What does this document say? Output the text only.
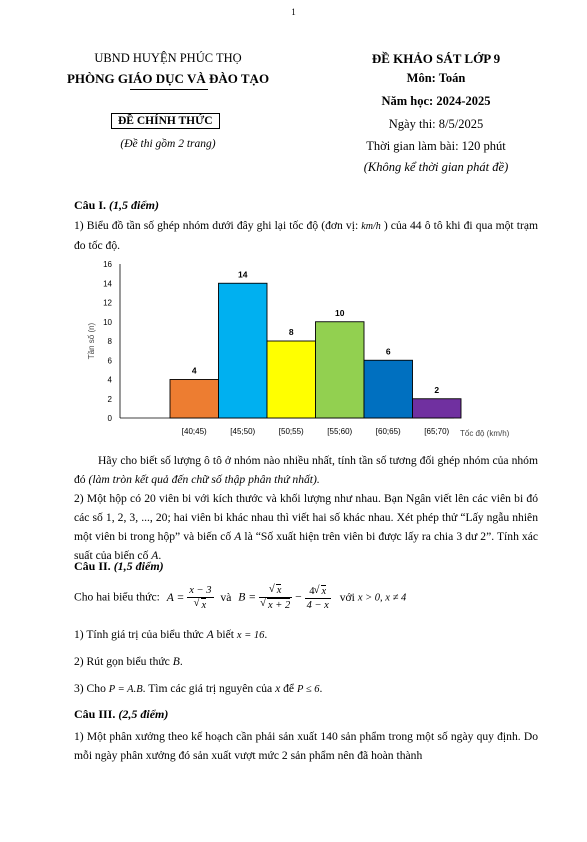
1
UBND HUYỆN PHÚC THỌ
PHÒNG GIÁO DỤC VÀ ĐÀO TẠO
ĐỀ CHÍNH THỨC
(Đề thi gồm 2 trang)
ĐỀ KHẢO SÁT LỚP 9
Môn: Toán
Năm học: 2024-2025
Ngày thi: 8/5/2025
Thời gian làm bài: 120 phút
(Không kể thời gian phát đề)
Câu I. (1,5 điểm)
1) Biểu đồ tần số ghép nhóm dưới đây ghi lại tốc độ (đơn vị: km/h ) của 44 ô tô khi đi qua một trạm đo tốc độ.
0
2
4
6
8
10
12
14
16
Tần số (n)
4
[40;45)
14
[45;50)
8
[50;55)
10
[55;60)
6
[60;65)
2
[65;70) Tốc độ (km/h)
Hãy cho biết số lượng ô tô ở nhóm nào nhiều nhất, tính tần số tương đối ghép nhóm của nhóm đó (làm tròn kết quả đến chữ số thập phân thứ nhất).
2) Một hộp có 20 viên bi với kích thước và khối lượng như nhau. Bạn Ngân viết lên các viên bi đó các số 1, 2, 3, ..., 20; hai viên bi khác nhau thì viết hai số khác nhau. Xét phép thử “Lấy ngẫu nhiên một viên bi trong hộp” và biến cố A là “Số xuất hiện trên viên bi được lấy ra chia 3 dư 2”. Tính xác suất của biến cố A.
Câu II. (1,5 điểm)
Cho hai biểu thức: A = x − 3
√ x và B = √ x
√ $x + 2 - \frac{4 √ x}{4 - x}$ với x > 0, x ≠ 4
1) Tính giá trị của biểu thức A biết x = 16.
2) Rút gọn biểu thức B.
3) Cho P = A.B. Tìm các giá trị nguyên của x để P ≤ 6.
Câu III. (2,5 điểm)
1) Một phân xưởng theo kế hoạch cần phải sản xuất 140 sản phẩm trong một số ngày quy định. Do mỗi ngày phân xưởng đó sản xuất vượt mức 2 sản phẩm nên đã hoàn thành
